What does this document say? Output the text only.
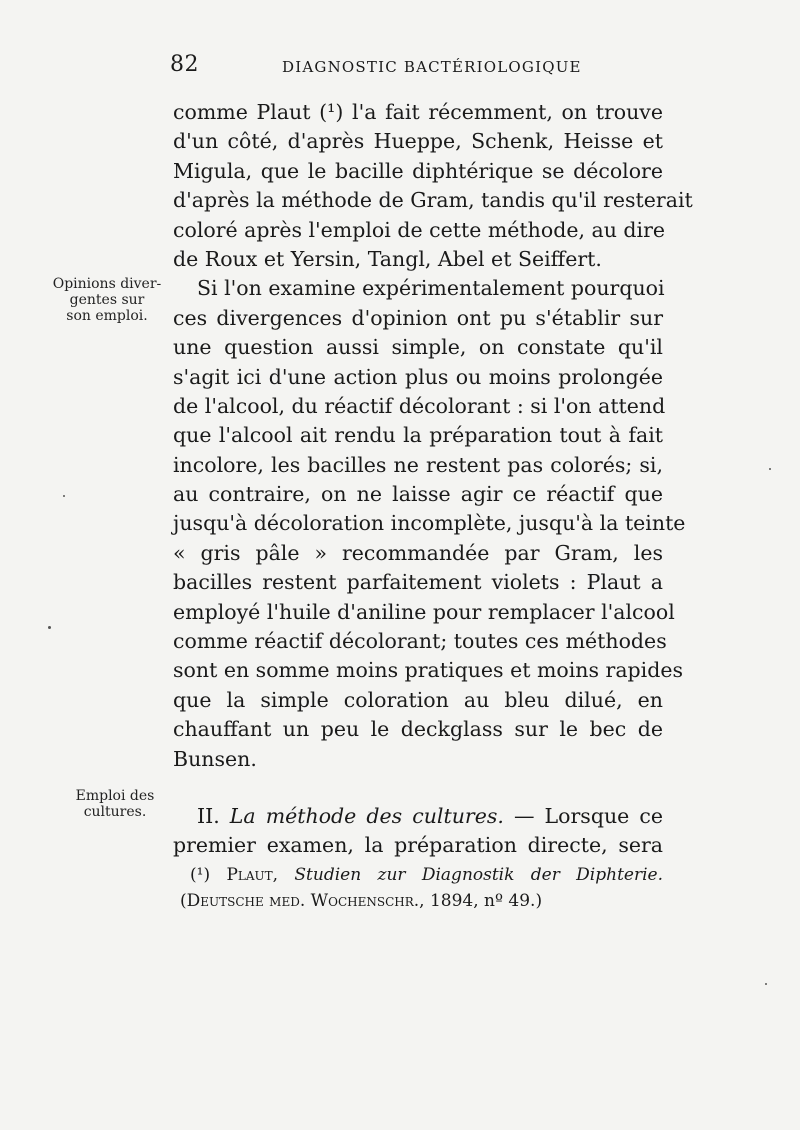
82	DIAGNOSTIC BACTÉRIOLOGIQUE
Opinions diver-
gentes sur
son emploi.
Emploi des
cultures.
comme Plaut (¹) l'a fait récemment, on trouve
d'un côté, d'après Hueppe, Schenk, Heisse et
Migula, que le bacille diphtérique se décolore
d'après la méthode de Gram, tandis qu'il resterait
coloré après l'emploi de cette méthode, au dire
de Roux et Yersin, Tangl, Abel et Seiffert.
Si l'on examine expérimentalement pourquoi
ces divergences d'opinion ont pu s'établir sur
une question aussi simple, on constate qu'il
s'agit ici d'une action plus ou moins prolongée
de l'alcool, du réactif décolorant : si l'on attend
que l'alcool ait rendu la préparation tout à fait
incolore, les bacilles ne restent pas colorés; si,
au contraire, on ne laisse agir ce réactif que
jusqu'à décoloration incomplète, jusqu'à la teinte
« gris pâle » recommandée par Gram, les
bacilles restent parfaitement violets : Plaut a
employé l'huile d'aniline pour remplacer l'alcool
comme réactif décolorant; toutes ces méthodes
sont en somme moins pratiques et moins rapides
que la simple coloration au bleu dilué, en
chauffant un peu le deckglass sur le bec de
Bunsen.
II. La méthode des cultures. — Lorsque ce
premier examen, la préparation directe, sera
(¹) Plaut, Studien zur Diagnostik der Diphterie.
(Deutsche med. Wochenschr., 1894, nº 49.)
